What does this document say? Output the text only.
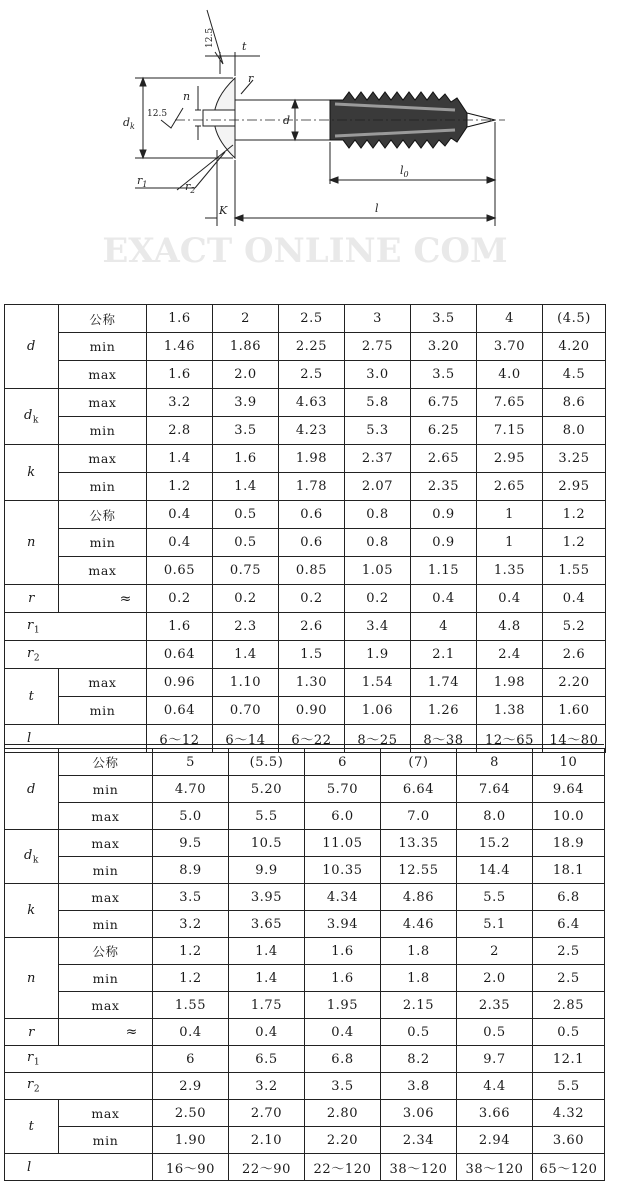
EXACT ONLINE COM
$d_k$
n
12.5
12.5 t
r
d
$r_1$	$r_2$
$l_0$
K	l
d	公称	1.6	2	2.5	3	3.5	4	(4.5)
	min	1.46	1.86	2.25	2.75	3.20	3.70	4.20
	max	1.6	2.0	2.5	3.0	3.5	4.0	4.5
$d_k$	max	3.2	3.9	4.63	5.8	6.75	7.65	8.6
	min	2.8	3.5	4.23	5.3	6.25	7.15	8.0
k	max	1.4	1.6	1.98	2.37	2.65	2.95	3.25
	min	1.2	1.4	1.78	2.07	2.35	2.65	2.95
n	公称	0.4	0.5	0.6	0.8	0.9	1	1.2
	min	0.4	0.5	0.6	0.8	0.9	1	1.2
	max	0.65	0.75	0.85	1.05	1.15	1.35	1.55
r	≈	0.2	0.2	0.2	0.2	0.4	0.4	0.4
$r_1$		1.6	2.3	2.6	3.4	4	4.8	5.2
$r_2$		0.64	1.4	1.5	1.9	2.1	2.4	2.6
t	max	0.96	1.10	1.30	1.54	1.74	1.98	2.20
	min	0.64	0.70	0.90	1.06	1.26	1.38	1.60
l		6～12	6～14	6～22	8～25	8～38	12～65	14～80
d	公称	5	(5.5)	6	(7)	8	10
	min	4.70	5.20	5.70	6.64	7.64	9.64
	max	5.0	5.5	6.0	7.0	8.0	10.0
$d_k$	max	9.5	10.5	11.05	13.35	15.2	18.9
	min	8.9	9.9	10.35	12.55	14.4	18.1
k	max	3.5	3.95	4.34	4.86	5.5	6.8
	min	3.2	3.65	3.94	4.46	5.1	6.4
n	公称	1.2	1.4	1.6	1.8	2	2.5
	min	1.2	1.4	1.6	1.8	2.0	2.5
	max	1.55	1.75	1.95	2.15	2.35	2.85
r	≈	0.4	0.4	0.4	0.5	0.5	0.5
$r_1$		6	6.5	6.8	8.2	9.7	12.1
$r_2$		2.9	3.2	3.5	3.8	4.4	5.5
t	max	2.50	2.70	2.80	3.06	3.66	4.32
	min	1.90	2.10	2.20	2.34	2.94	3.60
l		16～90	22～90	22～120	38～120	38～120	65～120
